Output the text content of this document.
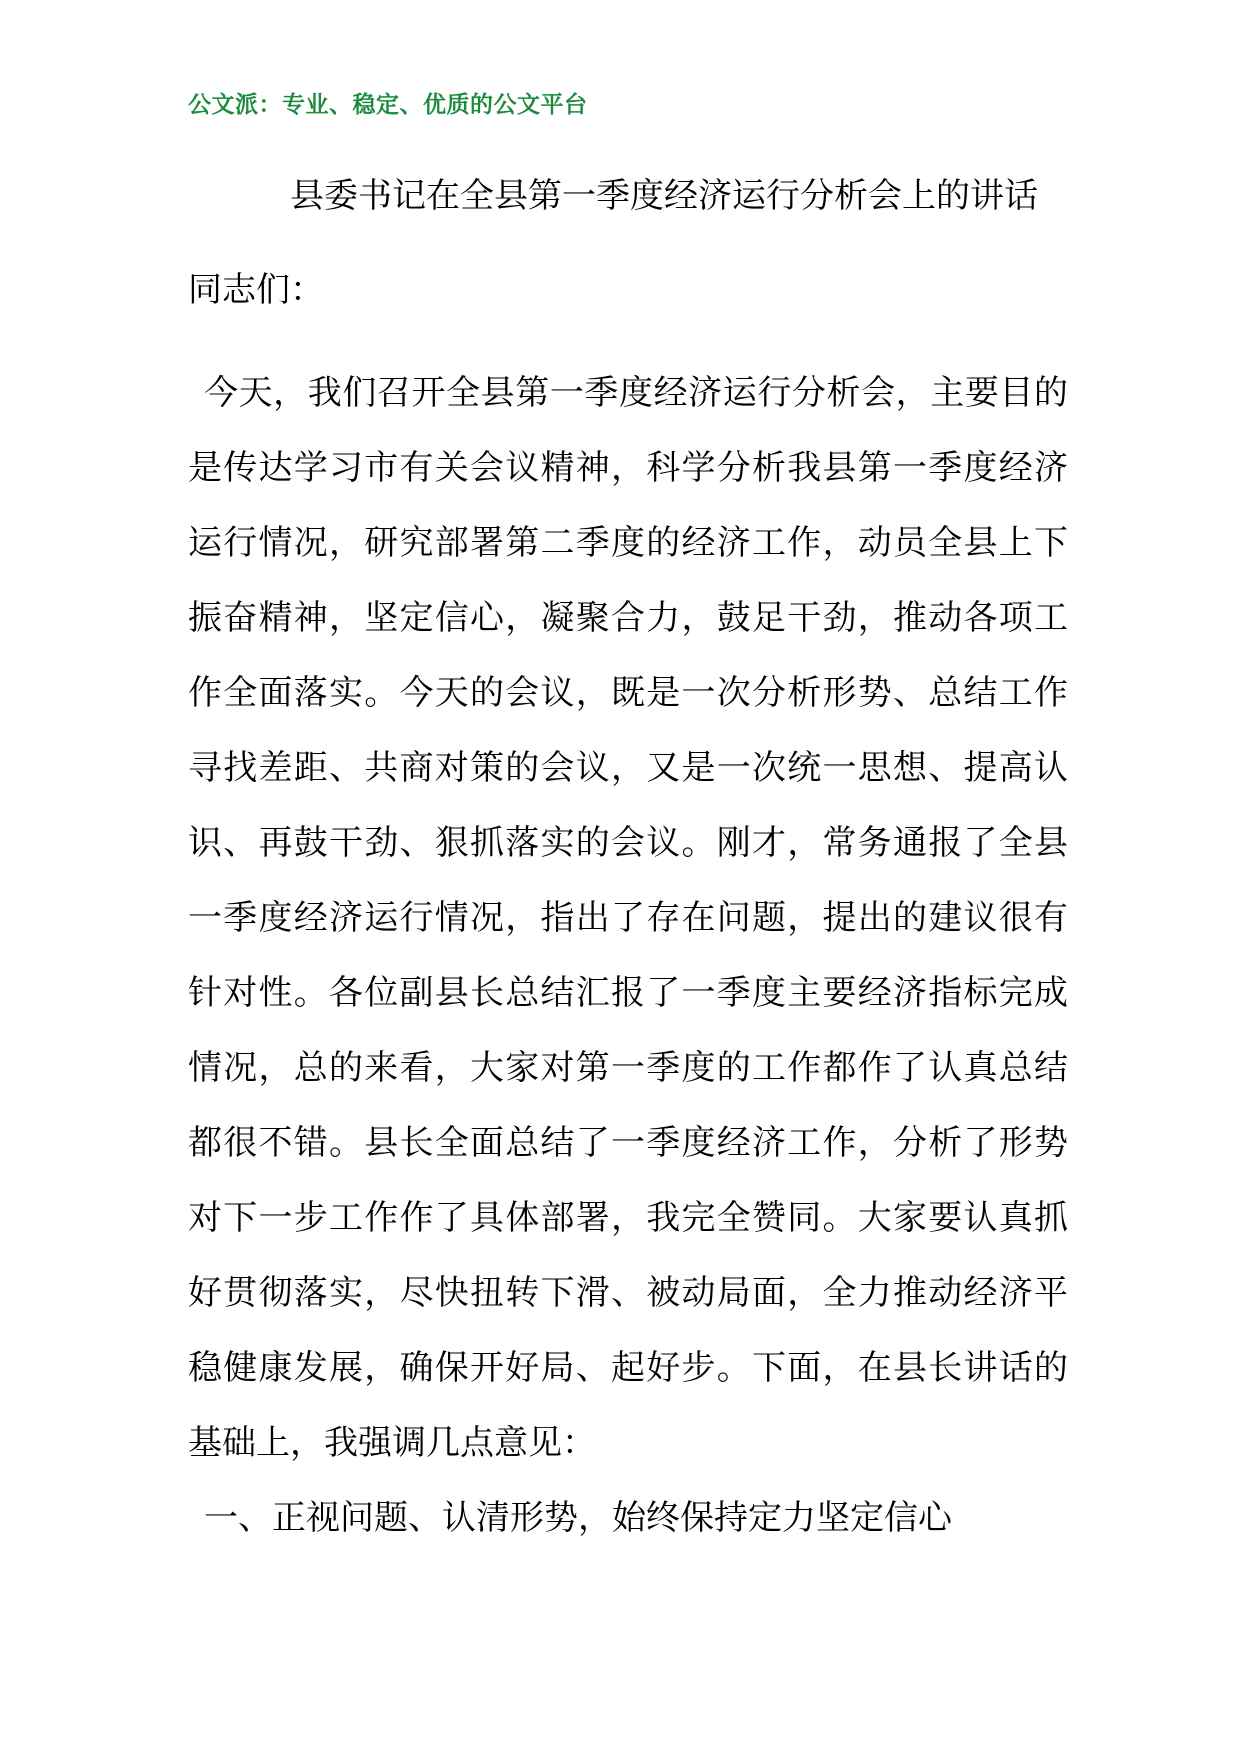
公文派：专业、稳定、优质的公文平台
县委书记在全县第一季度经济运行分析会上的讲话
同志们：

今天，我们召开全县第一季度经济运行分析会，主要目的是传达学习市有关会议精神，科学分析我县第一季度经济运行情况，研究部署第二季度的经济工作，动员全县上下振奋精神，坚定信心，凝聚合力，鼓足干劲，推动各项工作全面落实。今天的会议，既是一次分析形势、总结工作寻找差距、共商对策的会议，又是一次统一思想、提高认识、再鼓干劲、狠抓落实的会议。刚才，常务通报了全县一季度经济运行情况，指出了存在问题，提出的建议很有针对性。各位副县长总结汇报了一季度主要经济指标完成情况，总的来看，大家对第一季度的工作都作了认真总结都很不错。县长全面总结了一季度经济工作，分析了形势对下一步工作作了具体部署，我完全赞同。大家要认真抓好贯彻落实，尽快扭转下滑、被动局面，全力推动经济平稳健康发展，确保开好局、起好步。下面，在县长讲话的基础上，我强调几点意见：

一、正视问题、认清形势，始终保持定力坚定信心
